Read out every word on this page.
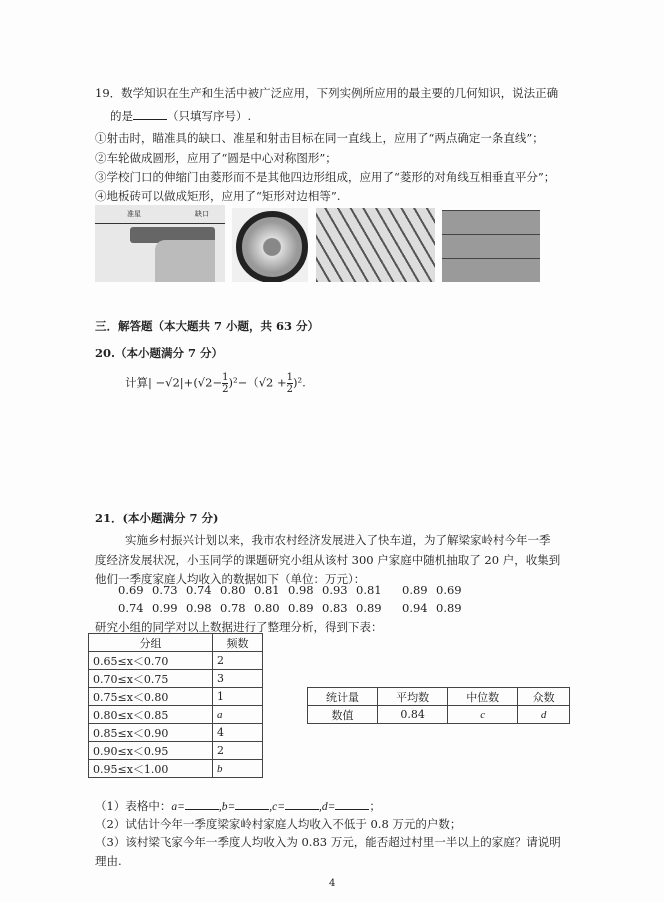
19．数学知识在生产和生活中被广泛应用，下列实例所应用的最主要的几何知识，说法正确
的是	（只填写序号）.
①射击时，瞄准具的缺口、准星和射击目标在同一直线上，应用了“两点确定一条直线”；
②车轮做成圆形，应用了“圆是中心对称图形”；
③学校门口的伸缩门由菱形而不是其他四边形组成，应用了“菱形的对角线互相垂直平分”；
④地板砖可以做成矩形，应用了“矩形对边相等”.
准星	缺口
三．解答题（本大题共 7 小题，共 63 分）
20.（本小题满分 7 分）
计算| $-√2|+(√2- \frac{1}{2} )^2-(√2 + \frac{1}{2} )^2$.
21．(本小题满分 7 分)
实施乡村振兴计划以来，我市农村经济发展进入了快车道，为了解梁家岭村今年一季
度经济发展状况，小玉同学的课题研究小组从该村 300 户家庭中随机抽取了 20 户，收集到
他们一季度家庭人均收入的数据如下（单位：万元）：
0.69 0.73 0.74 0.80 0.81 0.98 0.93 0.81 0.89 0.69
0.74 0.99 0.98 0.78 0.80 0.89 0.83 0.89 0.94 0.89
研究小组的同学对以上数据进行了整理分析，得到下表：
分组	频数
0.65≤x＜0.70	2
0.70≤x＜0.75	3
0.75≤x＜0.80	1
0.80≤x＜0.85	a
0.85≤x＜0.90	4
0.90≤x＜0.95	2
0.95≤x＜1.00	b
统计量	平均数	中位数	众数
数值	0.84	c	d
（1）表格中：a=	,b=	,c=	,d=	；
（2）试估计今年一季度梁家岭村家庭人均收入不低于 0.8 万元的户数；
（3）该村梁飞家今年一季度人均收入为 0.83 万元，能否超过村里一半以上的家庭？请说明
理由.
4
